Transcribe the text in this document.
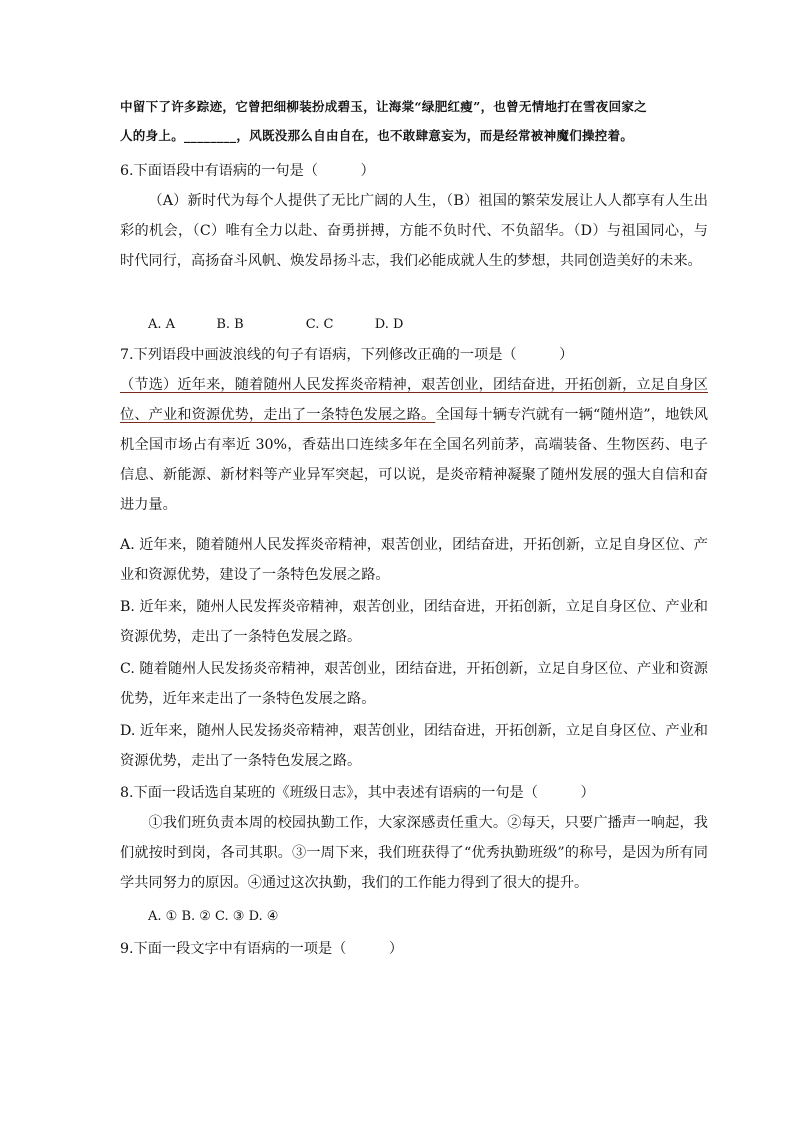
中留下了许多踪迹，它曾把细柳装扮成碧玉，让海棠“绿肥红瘦”，也曾无情地打在雪夜回家之
人的身上。________，风既没那么自由自在，也不敢肆意妄为，而是经常被神魔们操控着。
6.下面语段中有语病的一句是（　　　）
（A）新时代为每个人提供了无比广阔的人生，（B）祖国的繁荣发展让人人都享有人生出彩的机会，（C）唯有全力以赴、奋勇拼搏，方能不负时代、不负韶华。（D）与祖国同心，与时代同行，高扬奋斗风帆、焕发昂扬斗志，我们必能成就人生的梦想，共同创造美好的未来。
A. A          B. B               C. C          D. D
7.下列语段中画波浪线的句子有语病，下列修改正确的一项是（　　　）
（节选）近年来，随着随州人民发挥炎帝精神，艰苦创业，团结奋进，开拓创新，立足自身区位、产业和资源优势，走出了一条特色发展之路。全国每十辆专汽就有一辆“随州造”，地铁风机全国市场占有率近 30%，香菇出口连续多年在全国名列前茅，高端装备、生物医药、电子信息、新能源、新材料等产业异军突起，可以说，是炎帝精神凝聚了随州发展的强大自信和奋进力量。
A. 近年来，随着随州人民发挥炎帝精神，艰苦创业，团结奋进，开拓创新，立足自身区位、产业和资源优势，建设了一条特色发展之路。
B. 近年来，随州人民发挥炎帝精神，艰苦创业，团结奋进，开拓创新，立足自身区位、产业和资源优势，走出了一条特色发展之路。
C. 随着随州人民发扬炎帝精神，艰苦创业，团结奋进，开拓创新，立足自身区位、产业和资源优势，近年来走出了一条特色发展之路。
D. 近年来，随州人民发扬炎帝精神，艰苦创业，团结奋进，开拓创新，立足自身区位、产业和资源优势，走出了一条特色发展之路。
8.下面一段话选自某班的《班级日志》，其中表述有语病的一句是（　　　）
①我们班负责本周的校园执勤工作，大家深感责任重大。②每天，只要广播声一响起，我们就按时到岗，各司其职。③一周下来，我们班获得了“优秀执勤班级”的称号，是因为所有同学共同努力的原因。④通过这次执勤，我们的工作能力得到了很大的提升。
A. ① B. ② C. ③ D. ④
9.下面一段文字中有语病的一项是（　　　）
